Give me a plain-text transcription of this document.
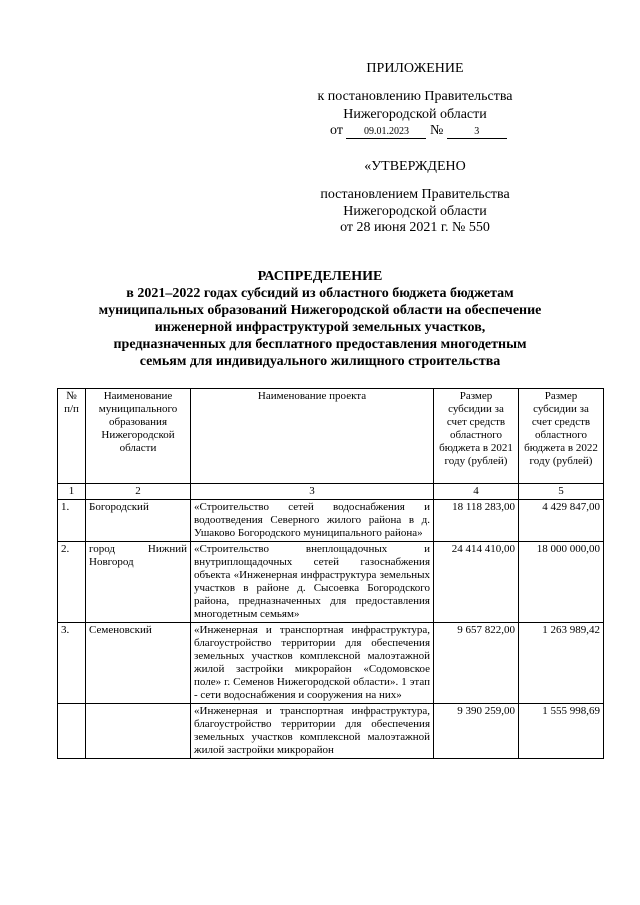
ПРИЛОЖЕНИЕ
к постановлению Правительства
Нижегородской области
от 09.01.2023 №	3
«УТВЕРЖДЕНО
постановлением Правительства
Нижегородской области
от 28 июня 2021 г. № 550
РАСПРЕДЕЛЕНИЕ
в 2021–2022 годах субсидий из областного бюджета бюджетам
муниципальных образований Нижегородской области на обеспечение
инженерной инфраструктурой земельных участков,
предназначенных для бесплатного предоставления многодетным
семьям для индивидуального жилищного строительства
№ п/п	Наименование муниципального образования Нижегородской области	Наименование проекта	Размер субсидии за счет средств областного бюджета в 2021 году (рублей)	Размер субсидии за счет средств областного бюджета в 2022 году (рублей)
1	2	3	4	5
1.	Богородский	«Строительство сетей водоснабжения и водоотведения Северного жилого района в д. Ушаково Богородского муниципального района»	18 118 283,00	4 429 847,00
2.	город Нижний Новгород	«Строительство внеплощадочных и внутриплощадочных сетей газоснабжения объекта «Инженерная инфраструктура земельных участков в районе д. Сысоевка Богородского района, предназначенных для предоставления многодетным семьям»	24 414 410,00	18 000 000,00
3.	Семеновский	«Инженерная и транспортная инфраструктура, благоустройство территории для обеспечения земельных участков комплексной малоэтажной жилой застройки микрорайон «Содомовское поле» г. Семенов Нижегородской области». 1 этап - сети водоснабжения и сооружения на них»	9 657 822,00	1 263 989,42
		«Инженерная и транспортная инфраструктура, благоустройство территории для обеспечения земельных участков комплексной малоэтажной жилой застройки микрорайон	9 390 259,00	1 555 998,69
